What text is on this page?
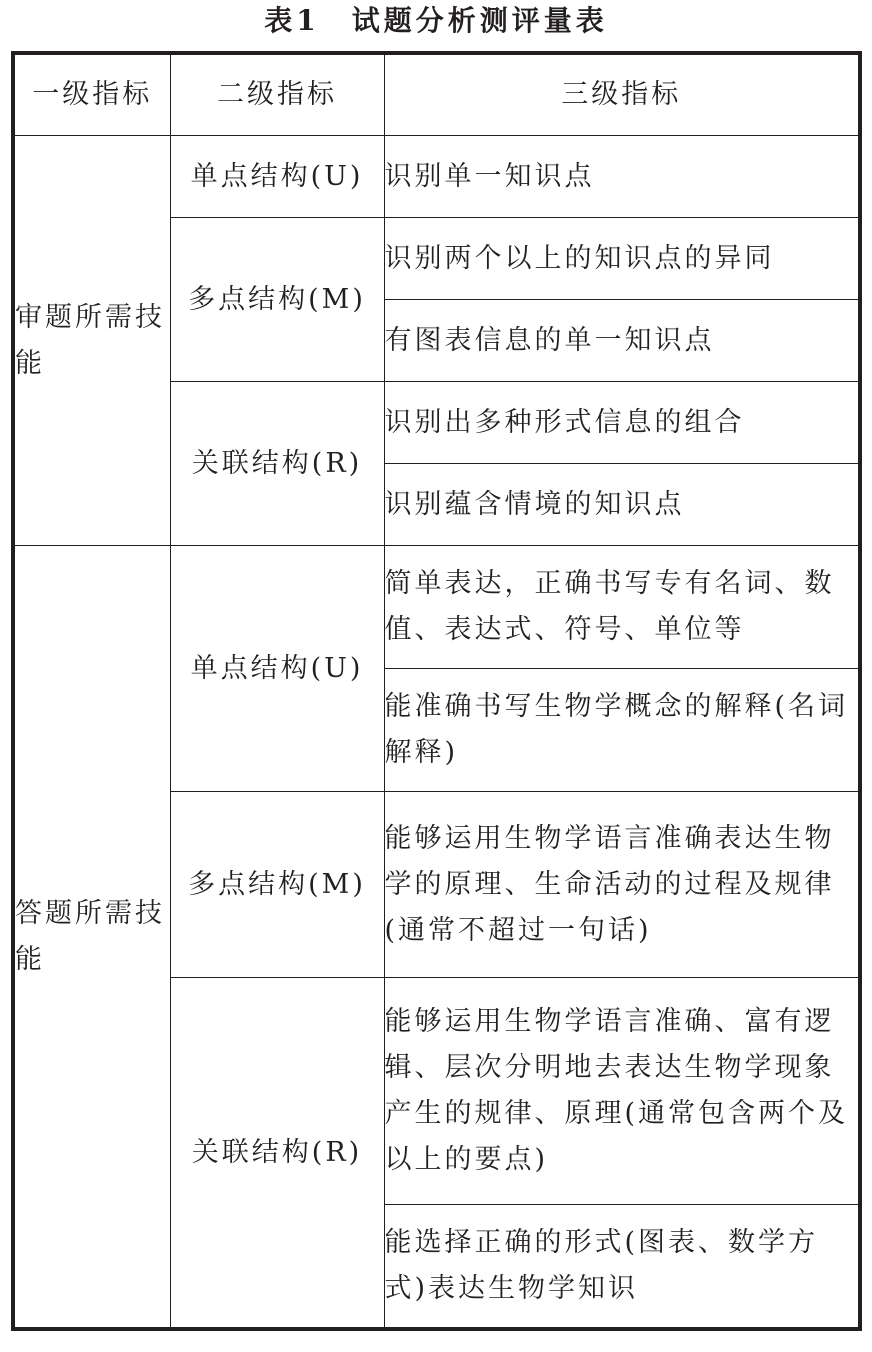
表1　试题分析测评量表
一级指标	二级指标	三级指标
审题所需技能	单点结构(U)	识别单一知识点
	多点结构(M)	识别两个以上的知识点的异同
		有图表信息的单一知识点
	关联结构(R)	识别出多种形式信息的组合
		识别蕴含情境的知识点
答题所需技能	单点结构(U)	简单表达，正确书写专有名词、数值、表达式、符号、单位等
		能准确书写生物学概念的解释(名词解释)
	多点结构(M)	能够运用生物学语言准确表达生物学的原理、生命活动的过程及规律(通常不超过一句话)
	关联结构(R)	能够运用生物学语言准确、富有逻辑、层次分明地去表达生物学现象产生的规律、原理(通常包含两个及以上的要点)
		能选择正确的形式(图表、数学方式)表达生物学知识
